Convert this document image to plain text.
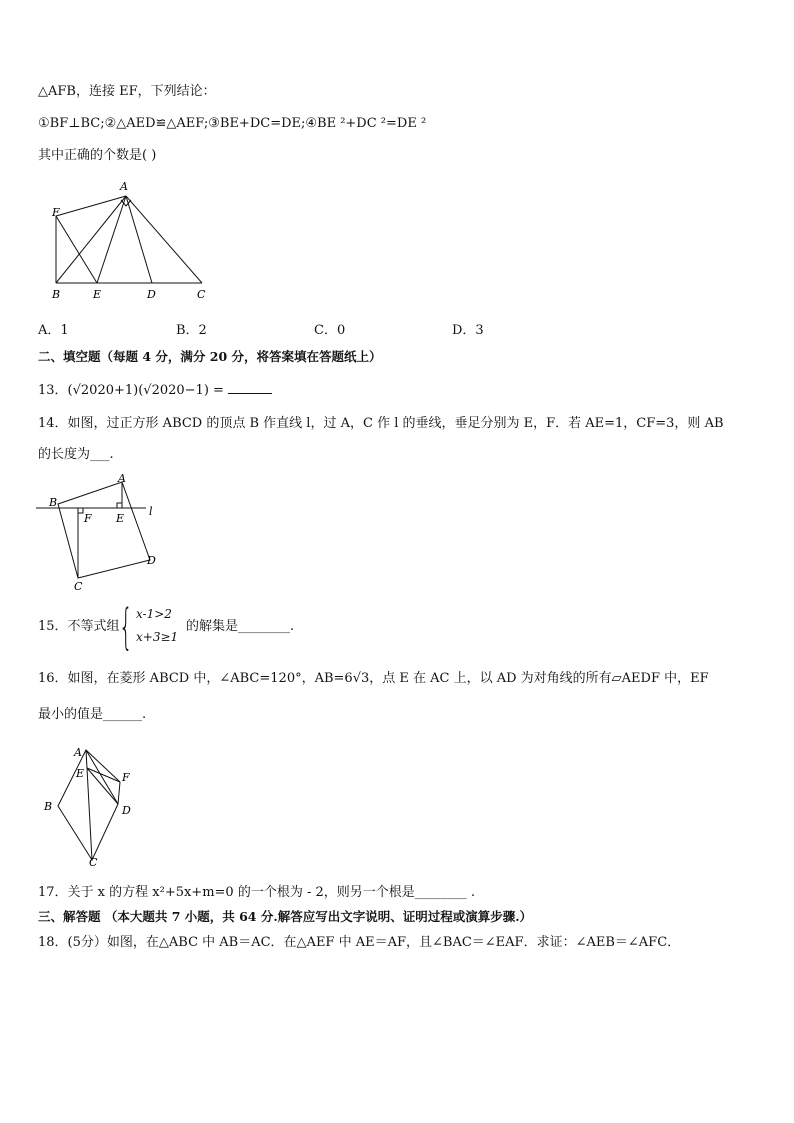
△AFB，连接 EF，下列结论：
①BF⊥BC;②△AED≌△AEF;③BE+DC=DE;④BE ²+DC ²=DE ²
其中正确的个数是( )
A
F
B	E	D	C
A．1	B．2	C．0	D．3
二、填空题（每题 4 分，满分 20 分，将答案填在答题纸上）
13．(√2020+1)(√2020−1) =
14．如图，过正方形 ABCD 的顶点 B 作直线 l，过 A，C 作 l 的垂线，垂足分别为 E，F．若 AE=1，CF=3，则 AB
的长度为___.
B
A
F E
l
D
C
15．不等式组 { x-1>2
x+3≥1
的解集是________.
16．如图，在菱形 ABCD 中，∠ABC=120°，AB=6√3，点 E 在 AC 上，以 AD 为对角线的所有▱AEDF 中，EF
最小的值是______.
A
E	F
B	D
C
17．关于 x 的方程 x²+5x+m=0 的一个根为 - 2，则另一个根是________ .
三、解答题 （本大题共 7 小题，共 64 分.解答应写出文字说明、证明过程或演算步骤.）
18．(5分）如图，在△ABC 中 AB＝AC．在△AEF 中 AE＝AF，且∠BAC＝∠EAF．求证：∠AEB＝∠AFC．
